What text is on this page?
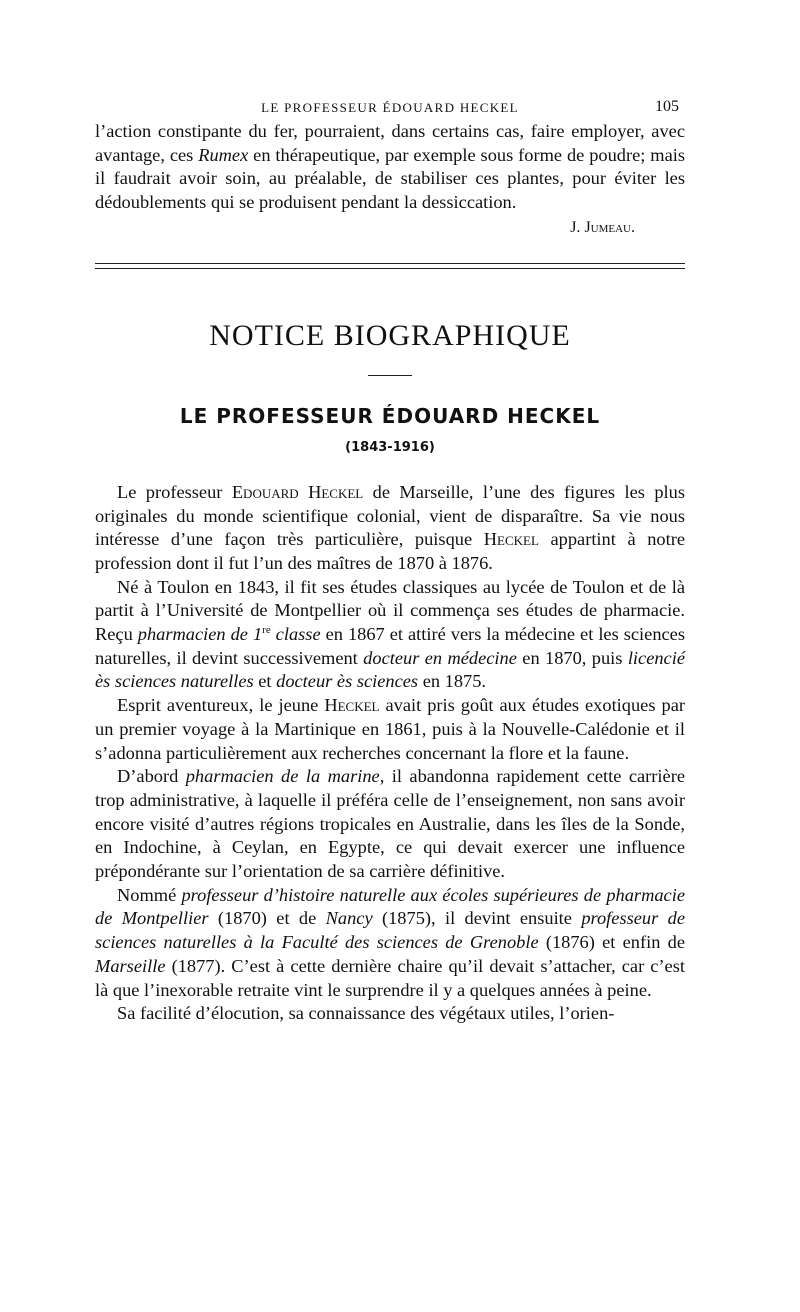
LE PROFESSEUR ÉDOUARD HECKEL	105

l’action constipante du fer, pourraient, dans certains cas, faire employer, avec avantage, ces Rumex en thérapeutique, par exemple sous forme de poudre; mais il faudrait avoir soin, au préalable, de stabiliser ces plantes, pour éviter les dédoublements qui se produisent pendant la dessiccation.

J. Jumeau.
NOTICE BIOGRAPHIQUE
LE PROFESSEUR ÉDOUARD HECKEL
(1843-1916)

Le professeur Edouard Heckel de Marseille, l’une des figures les plus originales du monde scientifique colonial, vient de disparaître. Sa vie nous intéresse d’une façon très particulière, puisque Heckel appartint à notre profession dont il fut l’un des maîtres de 1870 à 1876.

Né à Toulon en 1843, il fit ses études classiques au lycée de Toulon et de là partit à l’Université de Montpellier où il commença ses études de pharmacie. Reçu pharmacien de 1re classe en 1867 et attiré vers la médecine et les sciences naturelles, il devint successivement docteur en médecine en 1870, puis licencié ès sciences naturelles et docteur ès sciences en 1875.

Esprit aventureux, le jeune Heckel avait pris goût aux études exotiques par un premier voyage à la Martinique en 1861, puis à la Nouvelle-Calédonie et il s’adonna particulièrement aux recherches concernant la flore et la faune.

D’abord pharmacien de la marine, il abandonna rapidement cette carrière trop administrative, à laquelle il préféra celle de l’enseignement, non sans avoir encore visité d’autres régions tropicales en Australie, dans les îles de la Sonde, en Indochine, à Ceylan, en Egypte, ce qui devait exercer une influence prépondérante sur l’orientation de sa carrière définitive.

Nommé professeur d’histoire naturelle aux écoles supérieures de pharmacie de Montpellier (1870) et de Nancy (1875), il devint ensuite professeur de sciences naturelles à la Faculté des sciences de Grenoble (1876) et enfin de Marseille (1877). C’est à cette dernière chaire qu’il devait s’attacher, car c’est là que l’inexorable retraite vint le surprendre il y a quelques années à peine.

Sa facilité d’élocution, sa connaissance des végétaux utiles, l’orien-
